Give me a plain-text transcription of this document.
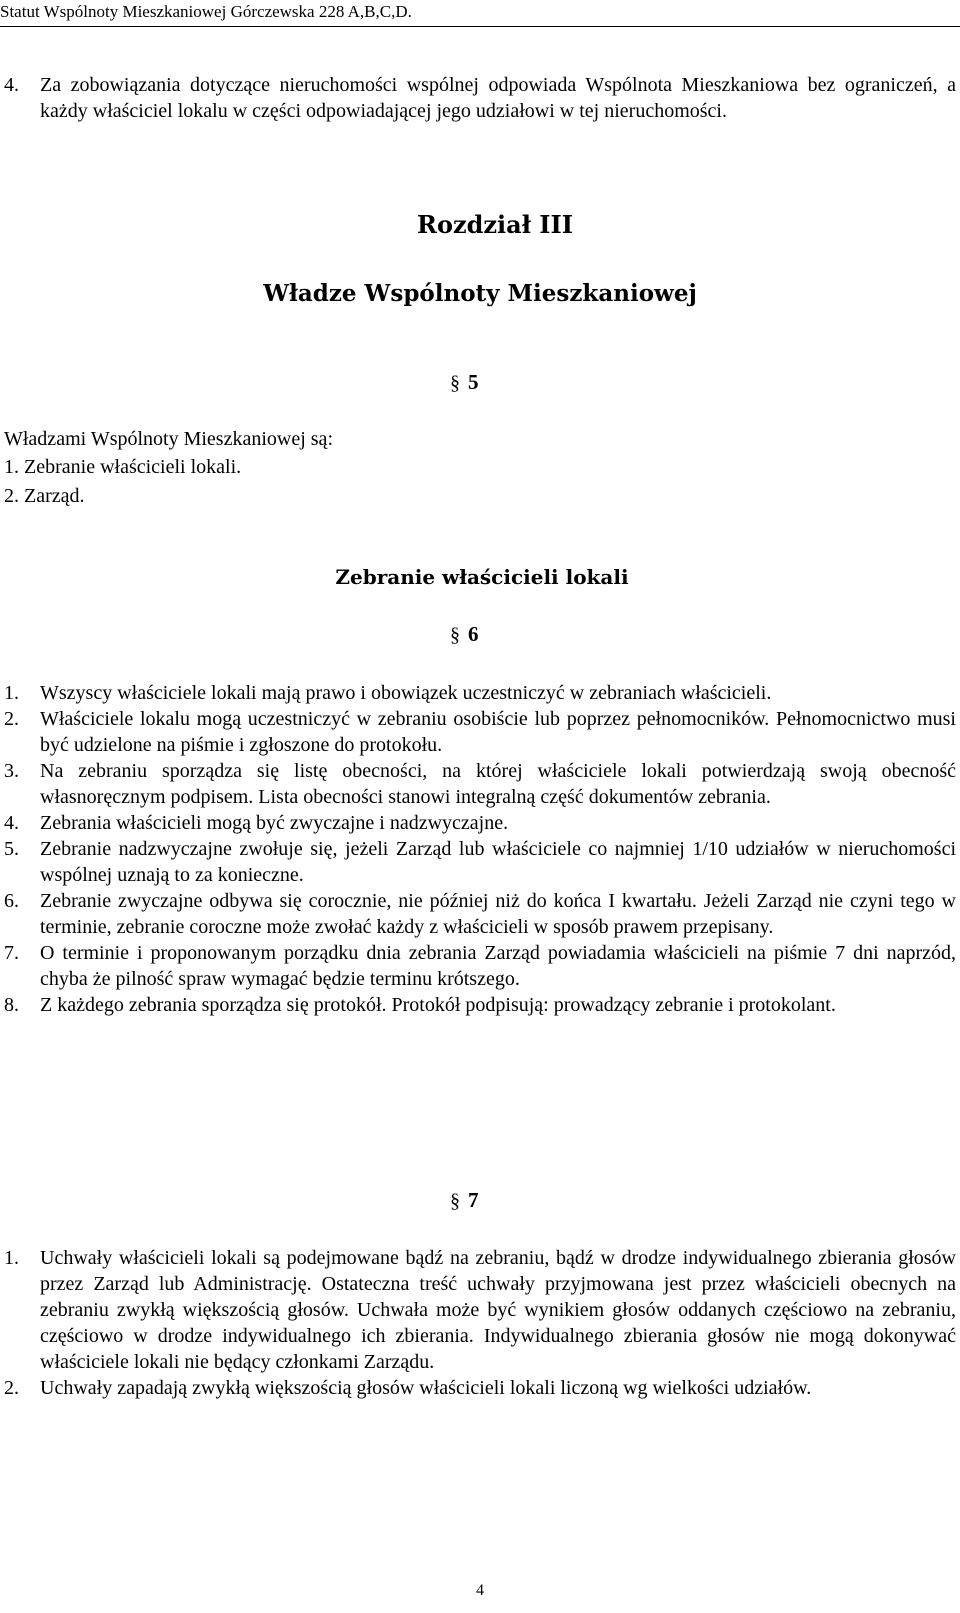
Statut Wspólnoty Mieszkaniowej Górczewska 228 A,B,C,D.
4. Za zobowiązania dotyczące nieruchomości wspólnej odpowiada Wspólnota Mieszkaniowa bez ograniczeń, a każdy właściciel lokalu w części odpowiadającej jego udziałowi w tej nieruchomości.
Rozdział III
Władze Wspólnoty Mieszkaniowej
§ 5
Władzami Wspólnoty Mieszkaniowej są:
1. Zebranie właścicieli lokali.
2. Zarząd.
Zebranie właścicieli lokali
§ 6
1. Wszyscy właściciele lokali mają prawo i obowiązek uczestniczyć w zebraniach właścicieli.
2. Właściciele lokalu mogą uczestniczyć w zebraniu osobiście lub poprzez pełnomocników. Pełnomocnictwo musi być udzielone na piśmie i zgłoszone do protokołu.
3. Na zebraniu sporządza się listę obecności, na której właściciele lokali potwierdzają swoją obecność własnoręcznym podpisem. Lista obecności stanowi integralną część dokumentów zebrania.
4. Zebrania właścicieli mogą być zwyczajne i nadzwyczajne.
5. Zebranie nadzwyczajne zwołuje się, jeżeli Zarząd lub właściciele co najmniej 1/10 udziałów w nieruchomości wspólnej uznają to za konieczne.
6. Zebranie zwyczajne odbywa się corocznie, nie później niż do końca I kwartału. Jeżeli Zarząd nie czyni tego w terminie, zebranie coroczne może zwołać każdy z właścicieli w sposób prawem przepisany.
7. O terminie i proponowanym porządku dnia zebrania Zarząd powiadamia właścicieli na piśmie 7 dni naprzód, chyba że pilność spraw wymagać będzie terminu krótszego.
8. Z każdego zebrania sporządza się protokół. Protokół podpisują: prowadzący zebranie i protokolant.
§ 7
1. Uchwały właścicieli lokali są podejmowane bądź na zebraniu, bądź w drodze indywidualnego zbierania głosów przez Zarząd lub Administrację. Ostateczna treść uchwały przyjmowana jest przez właścicieli obecnych na zebraniu zwykłą większością głosów. Uchwała może być wynikiem głosów oddanych częściowo na zebraniu, częściowo w drodze indywidualnego ich zbierania. Indywidualnego zbierania głosów nie mogą dokonywać właściciele lokali nie będący członkami Zarządu.
2. Uchwały zapadają zwykłą większością głosów właścicieli lokali liczoną wg wielkości udziałów.
4
